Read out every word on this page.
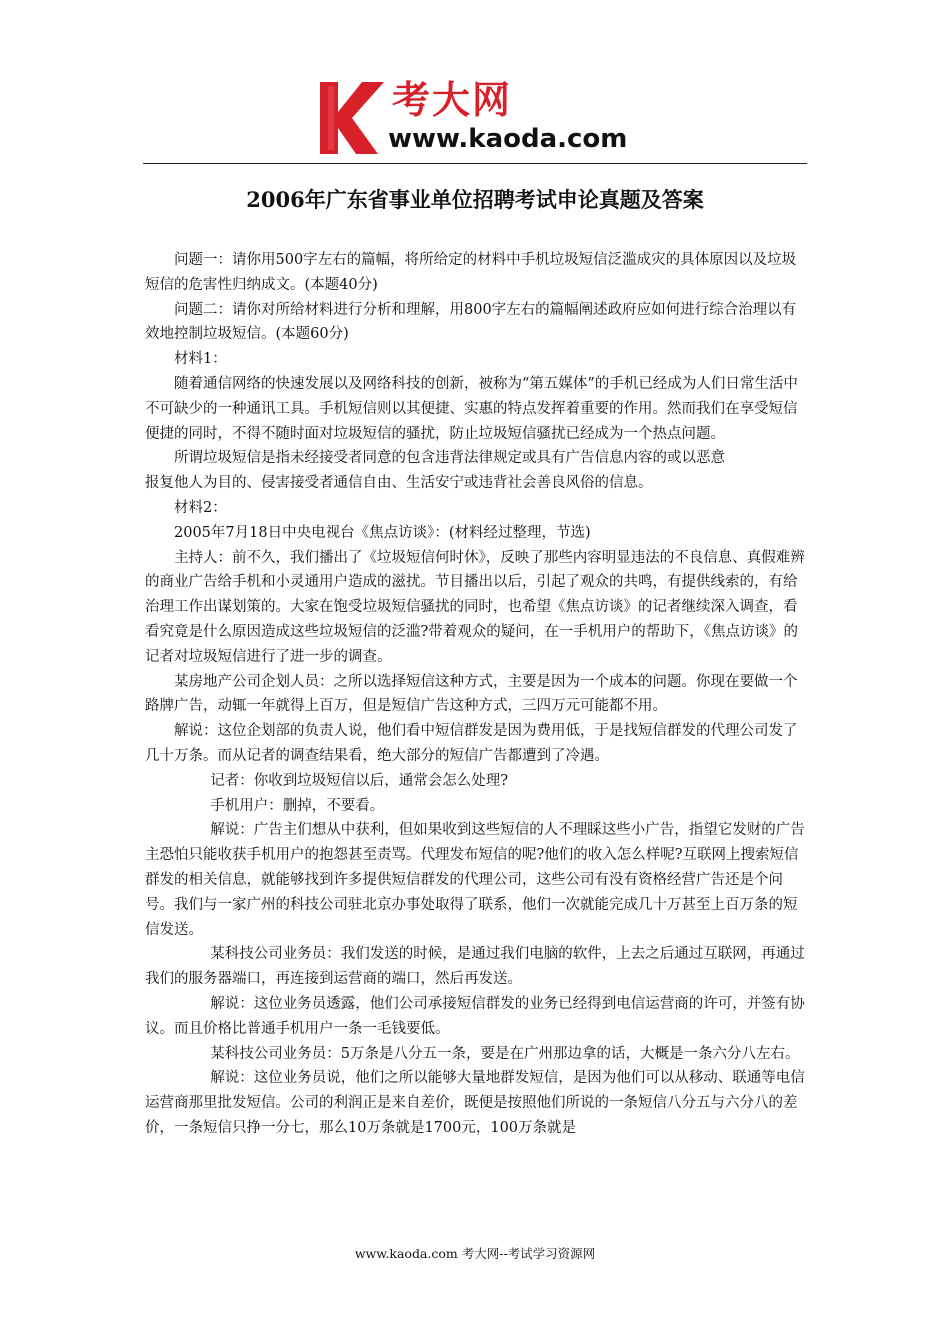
考 大 网
www.kaoda.com
2006年广东省事业单位招聘考试申论真题及答案

问题一：请你用500字左右的篇幅，将所给定的材料中手机垃圾短信泛滥成灾的具体原因以及垃圾短信的危害性归纳成文。(本题40分)

问题二：请你对所给材料进行分析和理解，用800字左右的篇幅阐述政府应如何进行综合治理以有效地控制垃圾短信。(本题60分)

材料1：

随着通信网络的快速发展以及网络科技的创新，被称为“第五媒体”的手机已经成为人们日常生活中不可缺少的一种通讯工具。手机短信则以其便捷、实惠的特点发挥着重要的作用。然而我们在享受短信便捷的同时，不得不随时面对垃圾短信的骚扰，防止垃圾短信骚扰已经成为一个热点问题。

所谓垃圾短信是指未经接受者同意的包含违背法律规定或具有广告信息内容的或以恶意

报复他人为目的、侵害接受者通信自由、生活安宁或违背社会善良风俗的信息。

材料2：

2005年7月18日中央电视台《焦点访谈》：(材料经过整理，节选)

主持人：前不久，我们播出了《垃圾短信何时休》，反映了那些内容明显违法的不良信息、真假难辨的商业广告给手机和小灵通用户造成的滋扰。节目播出以后，引起了观众的共鸣，有提供线索的，有给治理工作出谋划策的。大家在饱受垃圾短信骚扰的同时，也希望《焦点访谈》的记者继续深入调查，看看究竟是什么原因造成这些垃圾短信的泛滥?带着观众的疑问，在一手机用户的帮助下，《焦点访谈》的记者对垃圾短信进行了进一步的调查。

某房地产公司企划人员：之所以选择短信这种方式，主要是因为一个成本的问题。你现在要做一个路牌广告，动辄一年就得上百万，但是短信广告这种方式，三四万元可能都不用。

解说：这位企划部的负责人说，他们看中短信群发是因为费用低，于是找短信群发的代理公司发了几十万条。而从记者的调查结果看，绝大部分的短信广告都遭到了冷遇。

记者：你收到垃圾短信以后，通常会怎么处理?

手机用户：删掉，不要看。

解说：广告主们想从中获利，但如果收到这些短信的人不理睬这些小广告，指望它发财的广告主恐怕只能收获手机用户的抱怨甚至责骂。代理发布短信的呢?他们的收入怎么样呢?互联网上搜索短信群发的相关信息，就能够找到许多提供短信群发的代理公司，这些公司有没有资格经营广告还是个问号。我们与一家广州的科技公司驻北京办事处取得了联系，他们一次就能完成几十万甚至上百万条的短信发送。

某科技公司业务员：我们发送的时候，是通过我们电脑的软件，上去之后通过互联网，再通过我们的服务器端口，再连接到运营商的端口，然后再发送。

解说：这位业务员透露，他们公司承接短信群发的业务已经得到电信运营商的许可，并签有协议。而且价格比普通手机用户一条一毛钱要低。

某科技公司业务员：5万条是八分五一条，要是在广州那边拿的话，大概是一条六分八左右。

解说：这位业务员说，他们之所以能够大量地群发短信，是因为他们可以从移动、联通等电信运营商那里批发短信。公司的利润正是来自差价，既便是按照他们所说的一条短信八分五与六分八的差价，一条短信只挣一分七，那么10万条就是1700元，100万条就是

www.kaoda.com 考大网--考试学习资源网
